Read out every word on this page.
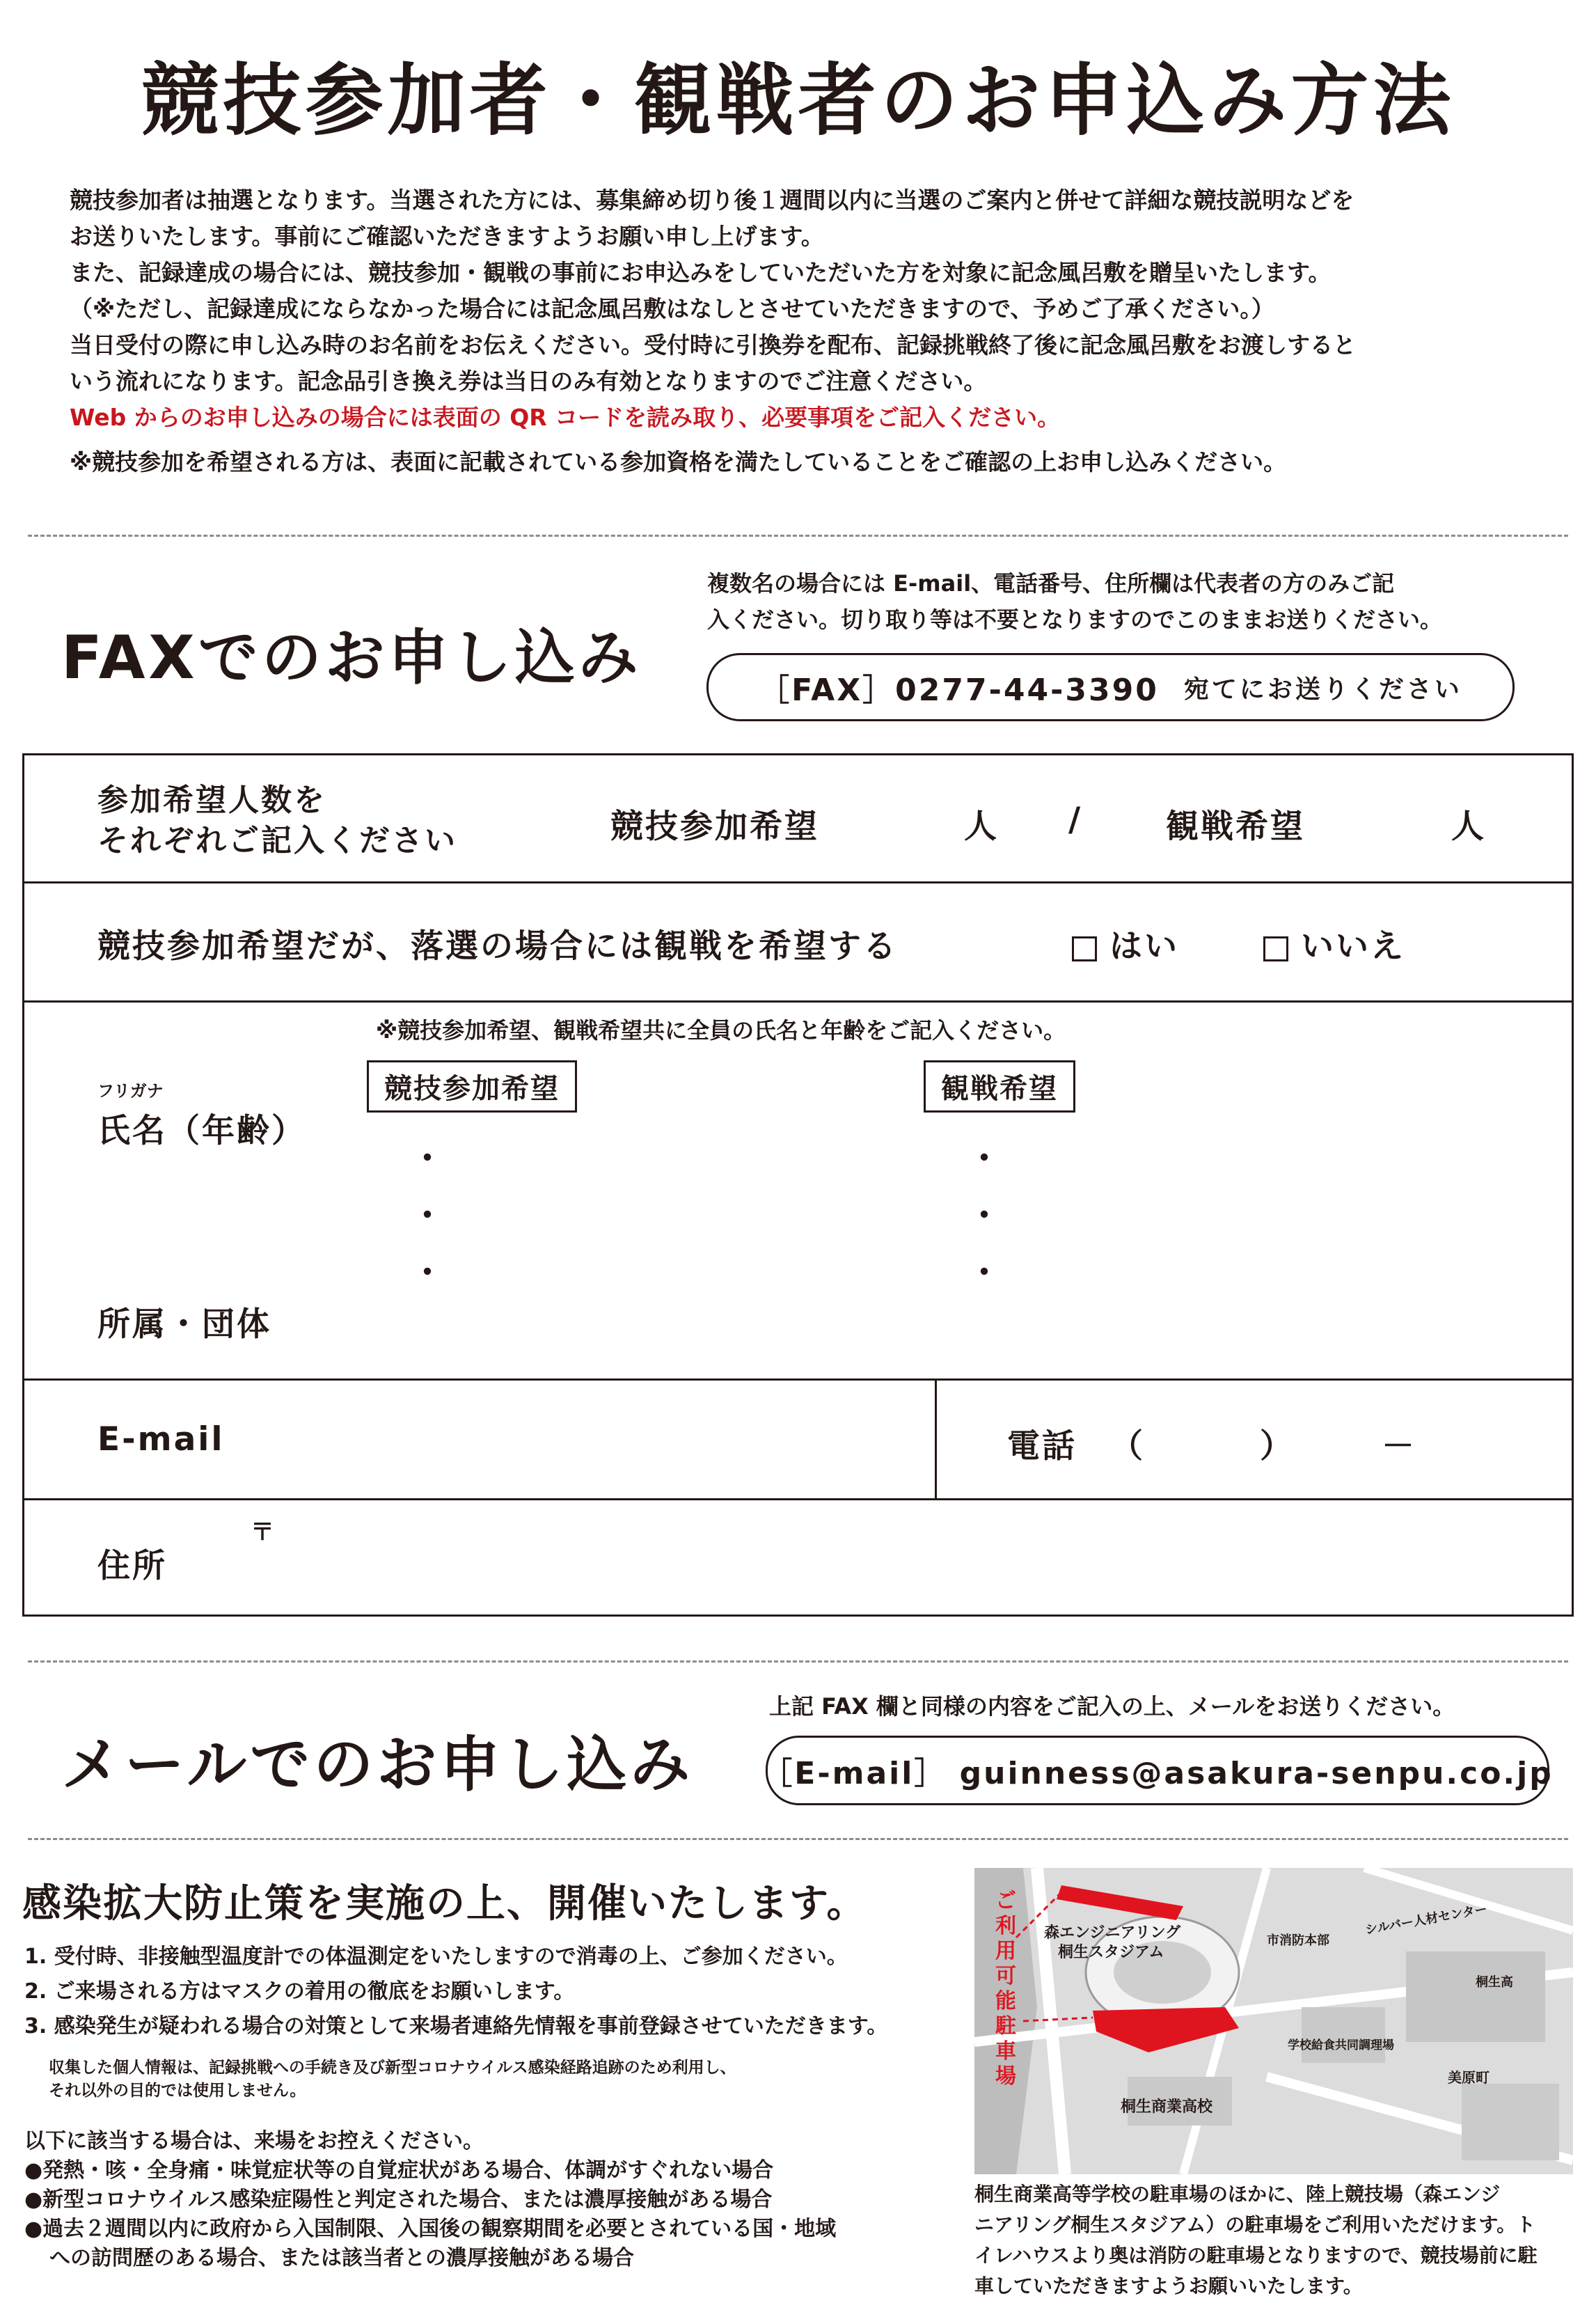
競技参加者・観戦者のお申込み方法
競技参加者は抽選となります。当選された方には、募集締め切り後１週間以内に当選のご案内と併せて詳細な競技説明などを
お送りいたします。事前にご確認いただきますようお願い申し上げます。
また、記録達成の場合には、競技参加・観戦の事前にお申込みをしていただいた方を対象に記念風呂敷を贈呈いたします。
（※ただし、記録達成にならなかった場合には記念風呂敷はなしとさせていただきますので、予めご了承ください。）
当日受付の際に申し込み時のお名前をお伝えください。受付時に引換券を配布、記録挑戦終了後に記念風呂敷をお渡しすると
いう流れになります。記念品引き換え券は当日のみ有効となりますのでご注意ください。
Web からのお申し込みの場合には表面の QR コードを読み取り、必要事項をご記入ください。
※競技参加を希望される方は、表面に記載されている参加資格を満たしていることをご確認の上お申し込みください。
FAXでのお申し込み
複数名の場合には E-mail、電話番号、住所欄は代表者の方のみご記
入ください。切り取り等は不要となりますのでこのままお送りください。
［FAX］0277-44-3390 宛てにお送りください
参加希望人数を
それぞれご記入ください	競技参加希望	人 /	観戦希望	人
競技参加希望だが、落選の場合には観戦を希望する	はい	いいえ
※競技参加希望、観戦希望共に全員の氏名と年齢をご記入ください。
フリガナ
氏名（年齢）
競技参加希望	観戦希望
・
・
・
・
・
・
所属・団体
E-mail	電話 （	）	－
住所
〒
メールでのお申し込み
上記 FAX 欄と同様の内容をご記入の上、メールをお送りください。
［E-mail］ guinness@asakura-senpu.co.jp
感染拡大防止策を実施の上、開催いたします。
1. 受付時、非接触型温度計での体温測定をいたしますので消毒の上、ご参加ください。
2. ご来場される方はマスクの着用の徹底をお願いします。
3. 感染発生が疑われる場合の対策として来場者連絡先情報を事前登録させていただきます。
収集した個人情報は、記録挑戦への手続き及び新型コロナウイルス感染経路追跡のため利用し、
それ以外の目的では使用しません。
以下に該当する場合は、来場をお控えください。
●発熱・咳・全身痛・味覚症状等の自覚症状がある場合、体調がすぐれない場合
●新型コロナウイルス感染症陽性と判定された場合、または濃厚接触がある場合
●過去２週間以内に政府から入国制限、入国後の観察期間を必要とされている国・地域
への訪問歴のある場合、または該当者との濃厚接触がある場合
ご利用可能駐車場
森エンジニアリング
桐生スタジアム
市消防本部
シルバー人材センター
桐生高
学校給食共同調理場
美原町
桐生商業高校
桐生商業高等学校の駐車場のほかに、陸上競技場（森エンジ
ニアリング桐生スタジアム）の駐車場をご利用いただけます。ト
イレハウスより奥は消防の駐車場となりますので、競技場前に駐
車していただきますようお願いいたします。
